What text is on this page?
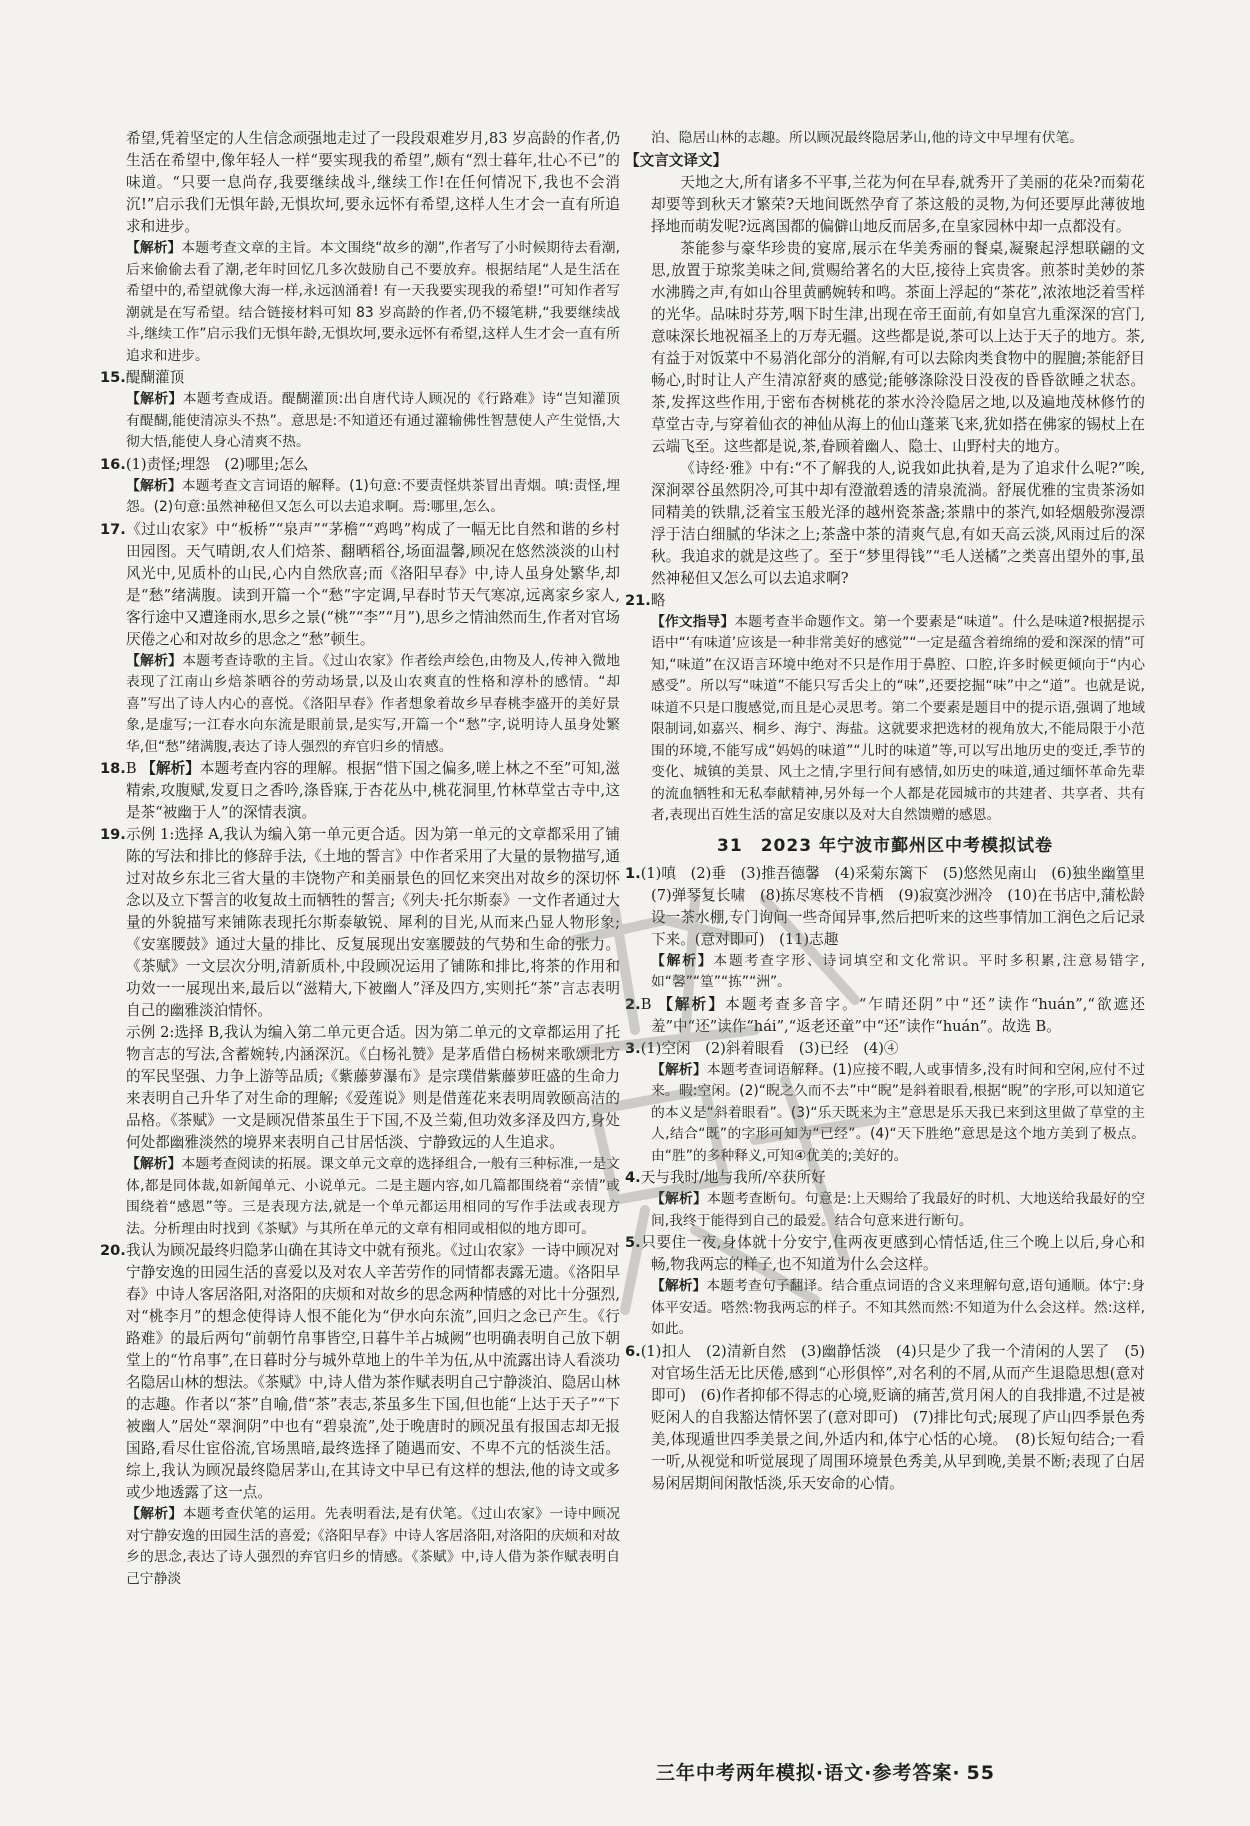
希望,凭着坚定的人生信念顽强地走过了一段段艰难岁月,83 岁高龄的作者,仍生活在希望中,像年轻人一样“要实现我的希望”,颇有“烈士暮年,壮心不已”的味道。“只要一息尚存,我要继续战斗,继续工作!在任何情况下,我也不会消沉!”启示我们无惧年龄,无惧坎坷,要永远怀有希望,这样人生才会一直有所追求和进步。

【解析】本题考查文章的主旨。本文围绕“故乡的潮”,作者写了小时候期待去看潮,后来偷偷去看了潮,老年时回忆几多次鼓励自己不要放弃。根据结尾“人是生活在希望中的,希望就像大海一样,永远汹涌着! 有一天我要实现我的希望!”可知作者写潮就是在写希望。结合链接材料可知 83 岁高龄的作者,仍不辍笔耕,“我要继续战斗,继续工作”启示我们无惧年龄,无惧坎坷,要永远怀有希望,这样人生才会一直有所追求和进步。

15.醍醐灌顶

【解析】本题考查成语。醍醐灌顶:出自唐代诗人顾况的《行路难》诗“岂知灌顶有醍醐,能使清凉头不热”。意思是:不知道还有通过灌输佛性智慧使人产生觉悟,大彻大悟,能使人身心清爽不热。

16.(1)责怪;埋怨　(2)哪里;怎么

【解析】本题考查文言词语的解释。(1)句意:不要责怪烘茶冒出青烟。嗔:责怪,埋怨。(2)句意:虽然神秘但又怎么可以去追求啊。焉:哪里,怎么。

17.《过山农家》中“板桥”“泉声”“茅檐”“鸡鸣”构成了一幅无比自然和谐的乡村田园图。天气晴朗,农人们焙茶、翻晒稻谷,场面温馨,顾况在悠然淡淡的山村风光中,见质朴的山民,心内自然欣喜;而《洛阳早春》中,诗人虽身处繁华,却是“愁”绪满腹。读到开篇一个“愁”字定调,早春时节天气寒凉,远离家乡家人,客行途中又遭逢雨水,思乡之景(“桃”“李”“月”),思乡之情油然而生,作者对官场厌倦之心和对故乡的思念之“愁”顿生。

【解析】本题考查诗歌的主旨。《过山农家》作者绘声绘色,由物及人,传神入微地表现了江南山乡焙茶晒谷的劳动场景,以及山农爽直的性格和淳朴的感情。“却喜”写出了诗人内心的喜悦。《洛阳早春》作者想象着故乡早春桃李盛开的美好景象,是虚写;一江春水向东流是眼前景,是实写,开篇一个“愁”字,说明诗人虽身处繁华,但“愁”绪满腹,表达了诗人强烈的弃官归乡的情感。

18.B 【解析】本题考查内容的理解。根据“惜下国之偏多,嗟上林之不至”可知,滋精索,攻腹赋,发夏日之香吟,涤昏寐,于杏花丛中,桃花洞里,竹林草堂古寺中,这是茶“被幽于人”的深情表演。

19.示例 1:选择 A,我认为编入第一单元更合适。因为第一单元的文章都采用了铺陈的写法和排比的修辞手法,《土地的誓言》中作者采用了大量的景物描写,通过对故乡东北三省大量的丰饶物产和美丽景色的回忆来突出对故乡的深切怀念以及立下誓言的收复故土而牺牲的誓言;《列夫·托尔斯泰》一文作者通过大量的外貌描写来铺陈表现托尔斯泰敏锐、犀利的目光,从而来凸显人物形象;《安塞腰鼓》通过大量的排比、反复展现出安塞腰鼓的气势和生命的张力。《茶赋》一文层次分明,清新质朴,中段顾况运用了铺陈和排比,将茶的作用和功效一一展现出来,最后以“滋精大,下被幽人”泽及四方,实则托“茶”言志表明自己的幽雅淡泊情怀。

示例 2:选择 B,我认为编入第二单元更合适。因为第二单元的文章都运用了托物言志的写法,含蓄婉转,内涵深沉。《白杨礼赞》是茅盾借白杨树来歌颂北方的军民坚强、力争上游等品质;《紫藤萝瀑布》是宗璞借紫藤萝旺盛的生命力来表明自己升华了对生命的理解;《爱莲说》则是借莲花来表明周敦颐高洁的品格。《茶赋》一文是顾况借茶虽生于下国,不及兰菊,但功效多泽及四方,身处何处都幽雅淡然的境界来表明自己甘居恬淡、宁静致远的人生追求。

【解析】本题考查阅读的拓展。课文单元文章的选择组合,一般有三种标准,一是文体,都是同体裁,如新闻单元、小说单元。二是主题内容,如几篇都围绕着“亲情”或围绕着“感恩”等。三是表现方法,就是一个单元都运用相同的写作手法或表现方法。分析理由时找到《茶赋》与其所在单元的文章有相同或相似的地方即可。

20.我认为顾况最终归隐茅山确在其诗文中就有预兆。《过山农家》一诗中顾况对宁静安逸的田园生活的喜爱以及对农人辛苦劳作的同情都表露无遗。《洛阳早春》中诗人客居洛阳,对洛阳的庆烦和对故乡的思念两种情感的对比十分强烈,对“桃李月”的想念使得诗人恨不能化为“伊水向东流”,回归之念已产生。《行路难》的最后两句“前朝竹帛事皆空,日暮牛羊占城阙”也明确表明自己放下朝堂上的“竹帛事”,在日暮时分与城外草地上的牛羊为伍,从中流露出诗人看淡功名隐居山林的想法。《茶赋》中,诗人借为茶作赋表明自己宁静淡泊、隐居山林的志趣。作者以“茶”自喻,借“茶”表志,茶虽多生下国,但也能“上达于天子”“下被幽人”居处“翠涧阴”中也有“碧泉流”,处于晚唐时的顾况虽有报国志却无报国路,看尽仕宦俗流,官场黑暗,最终选择了随遇而安、不卑不亢的恬淡生活。综上,我认为顾况最终隐居茅山,在其诗文中早已有这样的想法,他的诗文或多或少地透露了这一点。

【解析】本题考查伏笔的运用。先表明看法,是有伏笔。《过山农家》一诗中顾况对宁静安逸的田园生活的喜爱;《洛阳早春》中诗人客居洛阳,对洛阳的庆烦和对故乡的思念,表达了诗人强烈的弃官归乡的情感。《茶赋》中,诗人借为茶作赋表明自己宁静淡

泊、隐居山林的志趣。所以顾况最终隐居茅山,他的诗文中早埋有伏笔。

【文言文译文】

天地之大,所有诸多不平事,兰花为何在早春,就秀开了美丽的花朵?而菊花却要等到秋天才繁荣?天地间既然孕育了茶这般的灵物,为何还要厚此薄彼地择地而萌发呢?远离国都的偏僻山地反而居多,在皇家园林中却一点都没有。

茶能参与豪华珍贵的宴席,展示在华美秀丽的餐桌,凝聚起浮想联翩的文思,放置于琼浆美味之间,赏赐给著名的大臣,接待上宾贵客。煎茶时美妙的茶水沸腾之声,有如山谷里黄鹂婉转和鸣。茶面上浮起的“茶花”,浓浓地泛着雪样的光华。品味时芬芳,咽下时生津,出现在帝王面前,有如皇宫九重深深的宫门,意味深长地祝福圣上的万寿无疆。这些都是说,茶可以上达于天子的地方。茶,有益于对饭菜中不易消化部分的消解,有可以去除肉类食物中的腥膻;茶能舒目畅心,时时让人产生清凉舒爽的感觉;能够涤除没日没夜的昏昏欲睡之状态。茶,发挥这些作用,于密布杏树桃花的茶水泠泠隐居之地,以及遍地茂林修竹的草堂古寺,与穿着仙衣的神仙从海上的仙山蓬莱飞来,犹如搭在佛家的锡杖上在云端飞至。这些都是说,茶,眷顾着幽人、隐士、山野村夫的地方。

《诗经·雅》中有:“不了解我的人,说我如此执着,是为了追求什么呢?”唉,深涧翠谷虽然阴冷,可其中却有澄澈碧透的清泉流淌。舒展优雅的宝贵茶汤如同精美的铁鼎,泛着宝玉般光泽的越州瓷茶盏;茶鼎中的茶汽,如轻烟般弥漫漂浮于洁白细腻的华沫之上;茶盏中茶的清爽气息,有如天高云淡,风雨过后的深秋。我追求的就是这些了。至于“梦里得钱”“毛人送橘”之类喜出望外的事,虽然神秘但又怎么可以去追求啊?

21.略

【作文指导】本题考查半命题作文。第一个要素是“味道”。什么是味道?根据提示语中“‘有味道’应该是一种非常美好的感觉”“一定是蕴含着绵绵的爱和深深的情”可知,“味道”在汉语言环境中绝对不只是作用于鼻腔、口腔,许多时候更倾向于“内心感受”。所以写“味道”不能只写舌尖上的“味”,还要挖掘“味”中之“道”。也就是说,味道不只是口腹感觉,而且是心灵思考。第二个要素是题目中的提示语,强调了地域限制词,如嘉兴、桐乡、海宁、海盐。这就要求把选材的视角放大,不能局限于小范围的环境,不能写成“妈妈的味道”“儿时的味道”等,可以写出地历史的变迁,季节的变化、城镇的美景、风土之情,字里行间有感情,如历史的味道,通过缅怀革命先辈的流血牺牲和无私奉献精神,另外每一个人都是花园城市的共建者、共享者、共有者,表现出百姓生活的富足安康以及对大自然馈赠的感恩。

31　 2023 年宁波市鄞州区中考模拟试卷

1.(1)嗔　(2)垂　(3)推吾德馨　(4)采菊东篱下　(5)悠然见南山　(6)独坐幽篁里　(7)弹琴复长啸　(8)拣尽寒枝不肯栖　(9)寂寞沙洲冷　(10)在书店中,蒲松龄设一茶水棚,专门询问一些奇闻异事,然后把听来的这些事情加工润色之后记录下来。(意对即可)　(11)志趣

【解析】本题考查字形、诗词填空和文化常识。平时多积累,注意易错字,如“馨”“篁”“拣”“洲”。

2.B 【解析】本题考查多音字。“乍晴还阴”中“还”读作“huán”,“欲遮还羞”中“还”读作“hái”,“返老还童”中“还”读作“huán”。故选 B。

3.(1)空闲　(2)斜着眼看　(3)已经　(4)④

【解析】本题考查词语解释。(1)应接不暇,人或事情多,没有时间和空闲,应付不过来。暇:空闲。(2)“睨之久而不去”中“睨”是斜着眼看,根据“睨”的字形,可以知道它的本义是“斜着眼看”。(3)“乐天既来为主”意思是乐天我已来到这里做了草堂的主人,结合“既”的字形可知为“已经”。(4)“天下胜绝”意思是这个地方美到了极点。由“胜”的多种释义,可知④优美的;美好的。

4.天与我时/地与我所/卒获所好

【解析】本题考查断句。句意是:上天赐给了我最好的时机、大地送给我最好的空间,我终于能得到自己的最爱。结合句意来进行断句。

5.只要住一夜,身体就十分安宁,住两夜更感到心情恬适,住三个晚上以后,身心和畅,物我两忘的样子,也不知道为什么会这样。

【解析】本题考查句子翻译。结合重点词语的含义来理解句意,语句通顺。体宁:身体平安适。嗒然:物我两忘的样子。不知其然而然:不知道为什么会这样。然:这样,如此。

6.(1)扣人　(2)清新自然　(3)幽静恬淡　(4)只是少了我一个清闲的人罢了　(5)对官场生活无比厌倦,感到“心形俱悴”,对名利的不屑,从而产生退隐思想(意对即可)　(6)作者抑郁不得志的心境,贬谪的痛苦,赏月闲人的自我排遣,不过是被贬闲人的自我豁达情怀罢了(意对即可)　(7)排比句式;展现了庐山四季景色秀美,体现遁世四季美景之间,外适内和,体宁心恬的心境。　(8)长短句结合;一看一听,从视觉和听觉展现了周围环境景色秀美,从早到晚,美景不断;表现了白居易闲居期间闲散恬淡,乐天安命的心情。

三年中考两年模拟·语文·参考答案· 55
